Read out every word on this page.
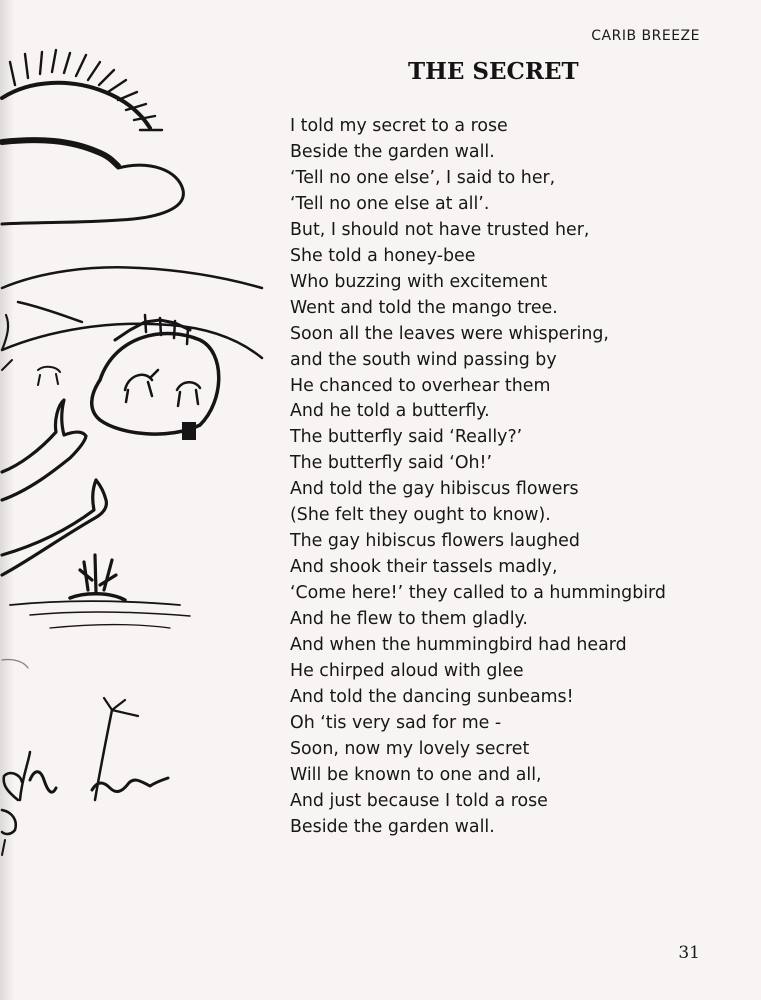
CARIB BREEZE
THE SECRET
I told my secret to a rose
Beside the garden wall.
‘Tell no one else’, I said to her,
‘Tell no one else at all’.
But, I should not have trusted her,
She told a honey-bee
Who buzzing with excitement
Went and told the mango tree.
Soon all the leaves were whispering,
and the south wind passing by
He chanced to overhear them
And he told a butterfly.
The butterfly said ‘Really?’
The butterfly said ‘Oh!’
And told the gay hibiscus flowers
(She felt they ought to know).
The gay hibiscus flowers laughed
And shook their tassels madly,
‘Come here!’ they called to a hummingbird
And he flew to them gladly.
And when the hummingbird had heard
He chirped aloud with glee
And told the dancing sunbeams!
Oh ‘tis very sad for me -
Soon, now my lovely secret
Will be known to one and all,
And just because I told a rose
Beside the garden wall.
31
